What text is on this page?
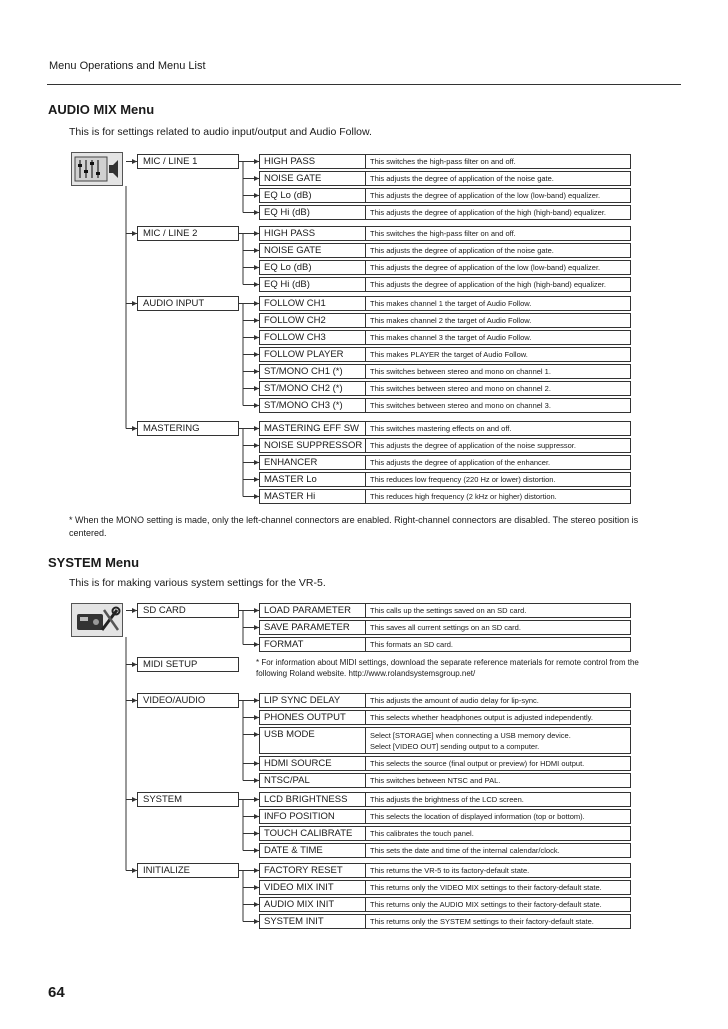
Menu Operations and Menu List
AUDIO MIX Menu
This is for settings related to audio input/output and Audio Follow.
SYSTEM Menu
This is for making various system settings for the VR-5.
MIC / LINE 1	HIGH PASS	This switches the high-pass filter on and off.
NOISE GATE	This adjusts the degree of application of the noise gate.
EQ Lo (dB)	This adjusts the degree of application of the low (low-band) equalizer.
EQ Hi (dB)	This adjusts the degree of application of the high (high-band) equalizer.
MIC / LINE 2	HIGH PASS	This switches the high-pass filter on and off.
NOISE GATE	This adjusts the degree of application of the noise gate.
EQ Lo (dB)	This adjusts the degree of application of the low (low-band) equalizer.
EQ Hi (dB)	This adjusts the degree of application of the high (high-band) equalizer.
AUDIO INPUT	FOLLOW CH1	This makes channel 1 the target of Audio Follow.
FOLLOW CH2	This makes channel 2 the target of Audio Follow.
FOLLOW CH3	This makes channel 3 the target of Audio Follow.
FOLLOW PLAYER	This makes PLAYER the target of Audio Follow.
ST/MONO CH1 (*)	This switches between stereo and mono on channel 1.
ST/MONO CH2 (*)	This switches between stereo and mono on channel 2.
ST/MONO CH3 (*)	This switches between stereo and mono on channel 3.
MASTERING	MASTERING EFF SW	This switches mastering effects on and off.
NOISE SUPPRESSOR	This adjusts the degree of application of the noise suppressor.
ENHANCER	This adjusts the degree of application of the enhancer.
MASTER Lo	This reduces low frequency (220 Hz or lower) distortion.
MASTER Hi	This reduces high frequency (2 kHz or higher) distortion.
SD CARD	LOAD PARAMETER	This calls up the settings saved on an SD card.
SAVE PARAMETER	This saves all current settings on an SD card.
FORMAT	This formats an SD card.
MIDI SETUP
VIDEO/AUDIO	LIP SYNC DELAY	This adjusts the amount of audio delay for lip-sync.
PHONES OUTPUT	This selects whether headphones output is adjusted independently.
USB MODE	Select [STORAGE] when connecting a USB memory device.
Select [VIDEO OUT] sending output to a computer.
HDMI SOURCE	This selects the source (final output or preview) for HDMI output.
NTSC/PAL	This switches between NTSC and PAL.
SYSTEM	LCD BRIGHTNESS	This adjusts the brightness of the LCD screen.
INFO POSITION	This selects the location of displayed information (top or bottom).
TOUCH CALIBRATE	This calibrates the touch panel.
DATE & TIME	This sets the date and time of the internal calendar/clock.
INITIALIZE	FACTORY RESET	This returns the VR-5 to its factory-default state.
VIDEO MIX INIT	This returns only the VIDEO MIX settings to their factory-default state.
AUDIO MIX INIT	This returns only the AUDIO MIX settings to their factory-default state.
SYSTEM INIT	This returns only the SYSTEM settings to their factory-default state.
* When the MONO setting is made, only the left-channel connectors are enabled. Right-channel connectors are disabled. The stereo position is centered.
* For information about MIDI settings, download the separate reference materials for remote control from the following Roland website. http://www.rolandsystemsgroup.net/
64
